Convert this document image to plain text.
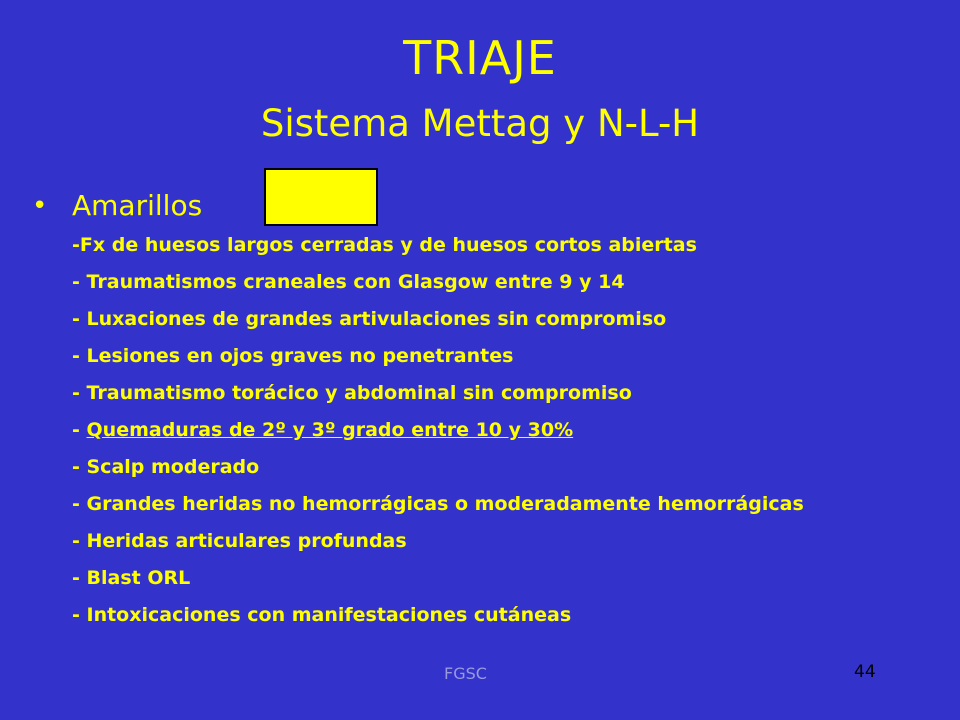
TRIAJE
Sistema Mettag y N-L-H
• Amarillos
-Fx de huesos largos cerradas y de huesos cortos abiertas
- Traumatismos craneales con Glasgow entre 9 y 14
- Luxaciones de grandes artivulaciones sin compromiso
- Lesiones en ojos graves no penetrantes
- Traumatismo torácico y abdominal sin compromiso
- Quemaduras de 2º y 3º grado entre 10 y 30%
- Scalp moderado
- Grandes heridas no hemorrágicas o moderadamente hemorrágicas
- Heridas articulares profundas
- Blast ORL
- Intoxicaciones con manifestaciones cutáneas
FGSC	44
